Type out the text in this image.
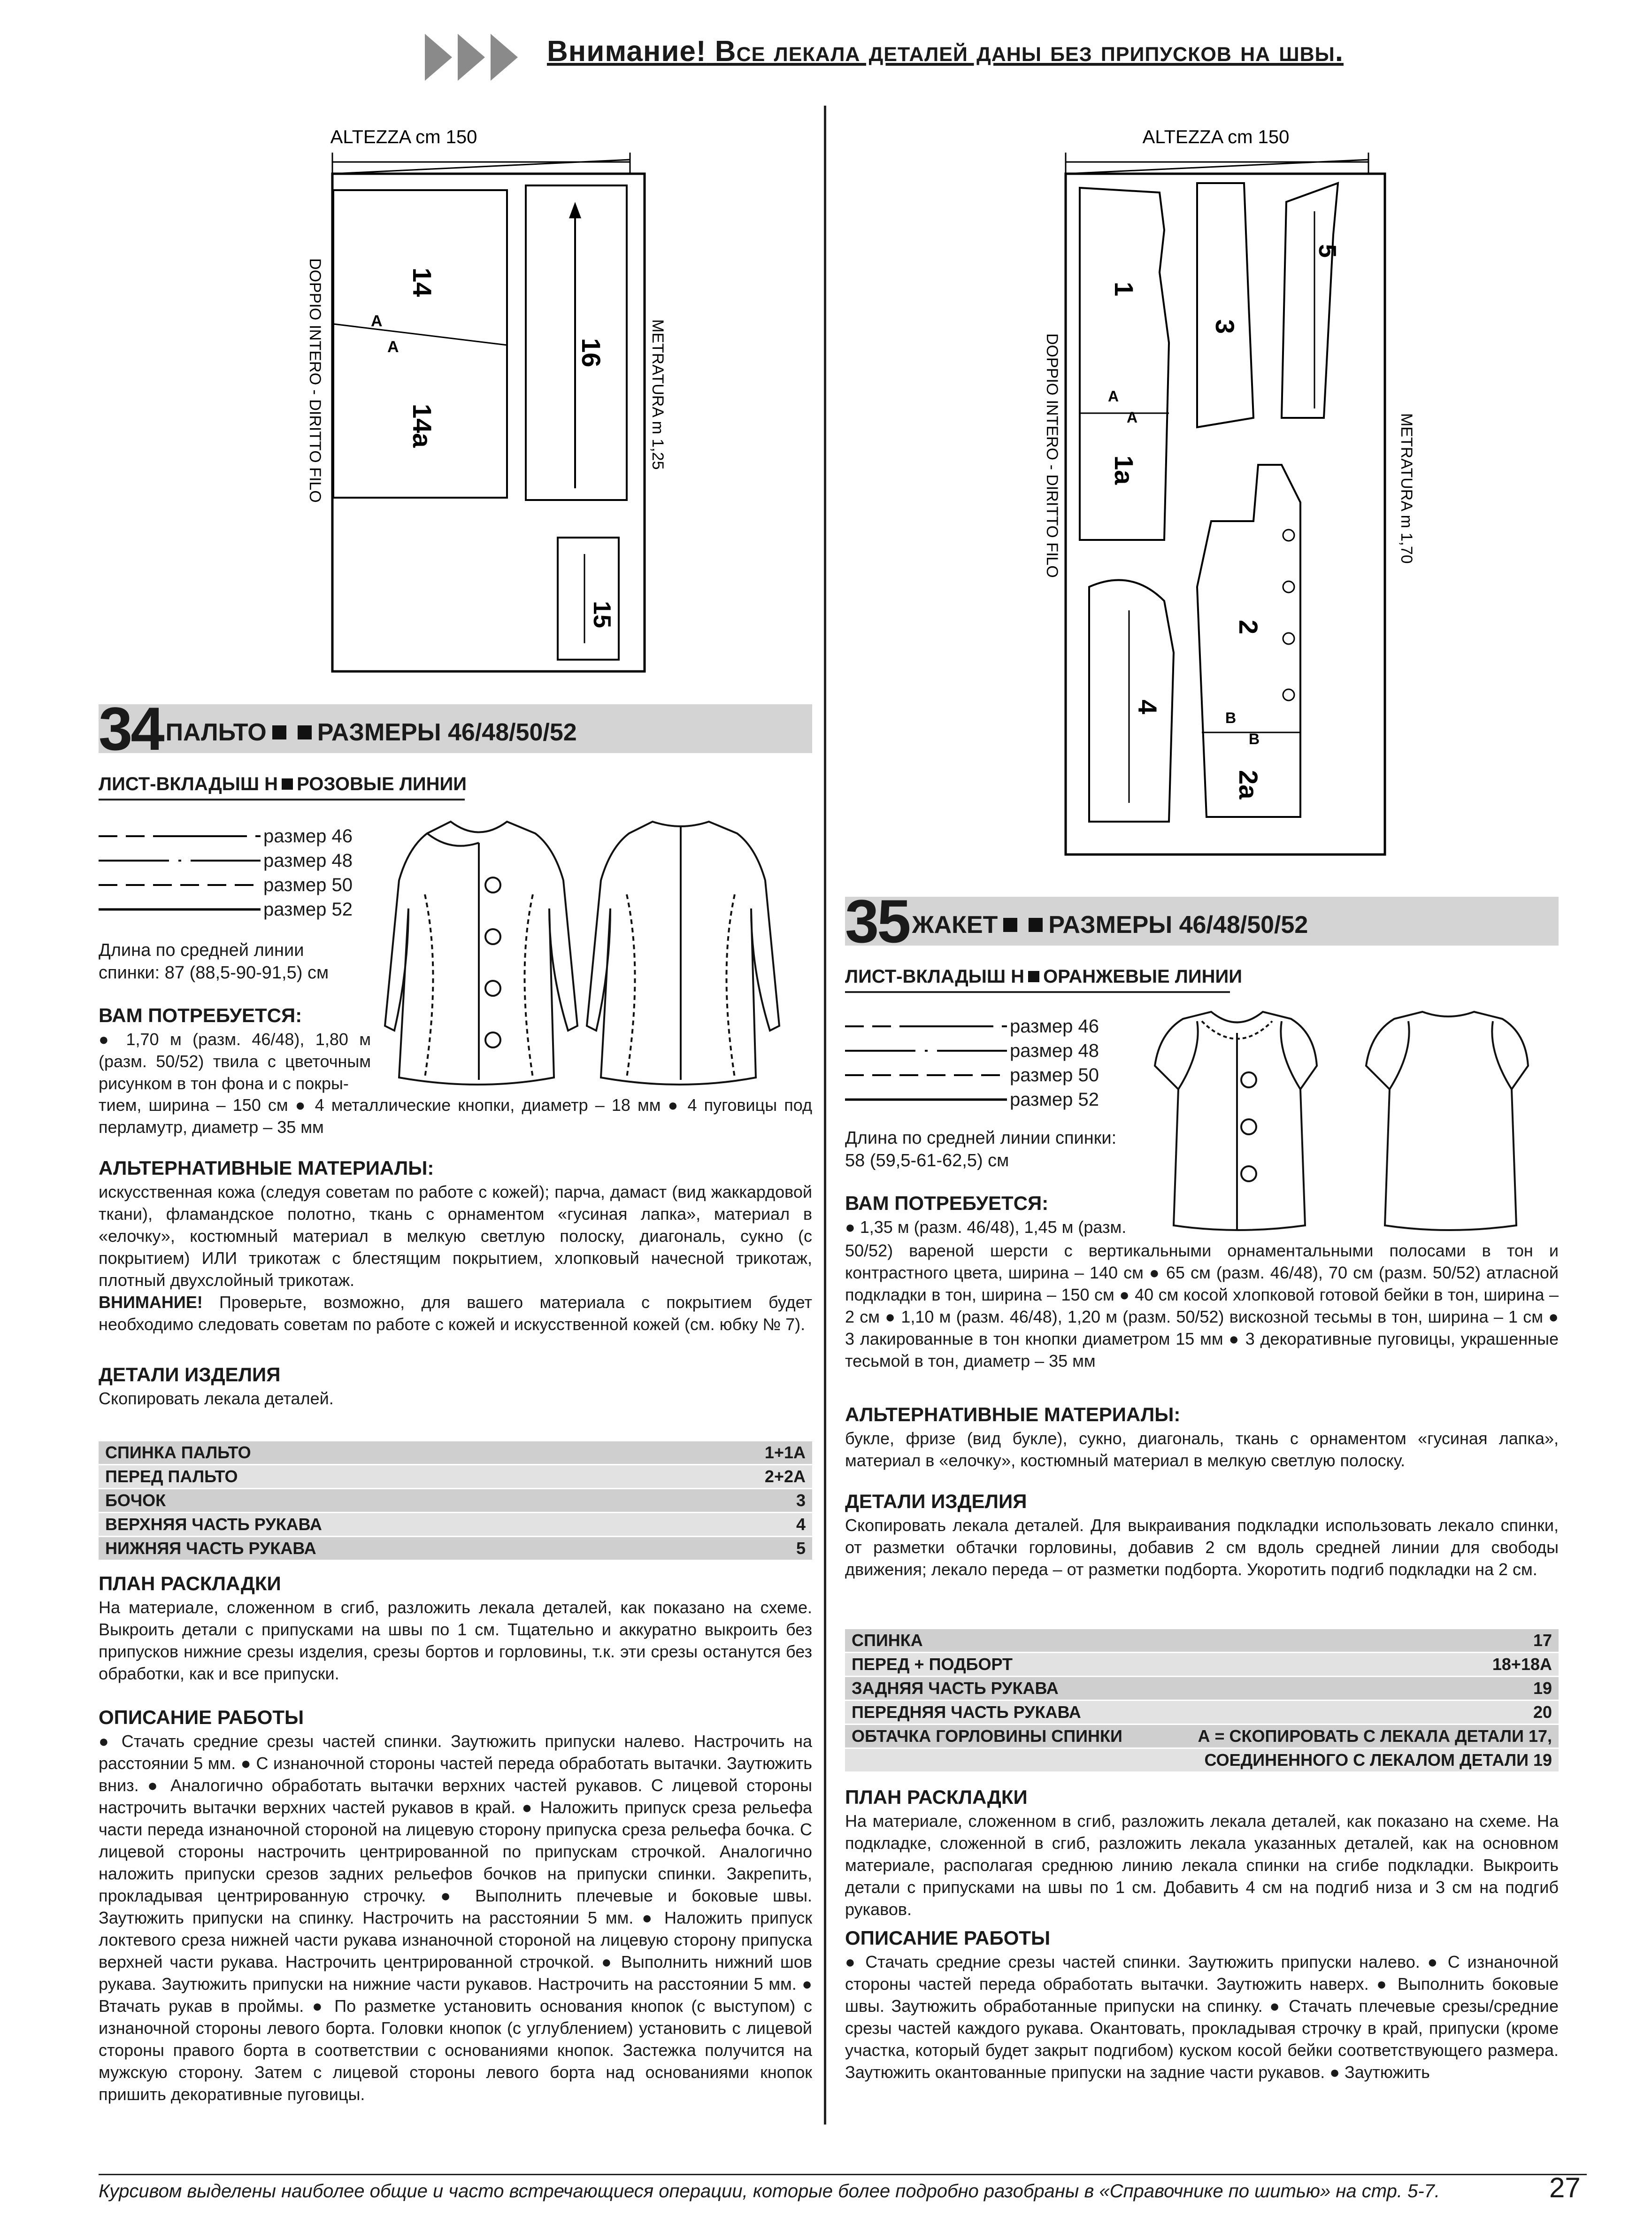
Внимание! Все лекала деталей даны без припусков на швы.
ALTEZZA cm 150
14
14a
A
A	16
15
DOPPIO INTERO - DIRITTO FILO	METRATURA m 1,25
ALTEZZA cm 150
1
1a
A
A
3
5
2
2a
B
B
4
DOPPIO INTERO - DIRITTO FILO	METRATURA m 1,70
34 ПАЛЬТО РАЗМЕРЫ 46/48/50/52
ЛИСТ-ВКЛАДЫШ Н РОЗОВЫЕ ЛИНИИ
размер 46
размер 48
размер 50
размер 52
Длина по средней линии
спинки: 87 (88,5-90-91,5) см
ВАМ ПОТРЕБУЕТСЯ:
● 1,70 м (разм. 46/48), 1,80 м (разм. 50/52) твила с цветочным рисунком в тон фона и с покры-
тием, ширина – 150 см ● 4 металлические кнопки, диаметр – 18 мм ● 4 пуговицы под перламутр, диаметр – 35 мм
АЛЬТЕРНАТИВНЫЕ МАТЕРИАЛЫ:
искусственная кожа (следуя советам по работе с кожей); парча, дамаст (вид жаккардовой ткани), фламандское полотно, ткань с орнаментом «гусиная лапка», материал в «елочку», костюмный материал в мелкую светлую полоску, диагональ, сукно (с покрытием) ИЛИ трикотаж с блестящим покрытием, хлопковый начесной трикотаж, плотный двухслойный трикотаж.
ВНИМАНИЕ! Проверьте, возможно, для вашего материала с покрытием будет необходимо следовать советам по работе с кожей и искусственной кожей (см. юбку № 7).
ДЕТАЛИ ИЗДЕЛИЯ
Скопировать лекала деталей.
СПИНКА ПАЛЬТО	1+1А
ПЕРЕД ПАЛЬТО	2+2А
БОЧОК	3
ВЕРХНЯЯ ЧАСТЬ РУКАВА	4
НИЖНЯЯ ЧАСТЬ РУКАВА	5
ПЛАН РАСКЛАДКИ
На материале, сложенном в сгиб, разложить лекала деталей, как показано на схеме. Выкроить детали с припусками на швы по 1 см. Тщательно и аккуратно выкроить без припусков нижние срезы изделия, срезы бортов и горловины, т.к. эти срезы останутся без обработки, как и все припуски.
ОПИСАНИЕ РАБОТЫ
● Стачать средние срезы частей спинки. Заутюжить припуски налево. Настрочить на расстоянии 5 мм. ● С изнаночной стороны частей переда обработать вытачки. Заутюжить вниз. ● Аналогично обработать вытачки верхних частей рукавов. С лицевой стороны настрочить вытачки верхних частей рукавов в край. ● Наложить припуск среза рельефа части переда изнаночной стороной на лицевую сторону припуска среза рельефа бочка. С лицевой стороны настрочить центрированной по припускам строчкой. Аналогично наложить припуски срезов задних рельефов бочков на припуски спинки. Закрепить, прокладывая центрированную строчку. ● Выполнить плечевые и боковые швы. Заутюжить припуски на спинку. Настрочить на расстоянии 5 мм. ● Наложить припуск локтевого среза нижней части рукава изнаночной стороной на лицевую сторону припуска верхней части рукава. Настрочить центрированной строчкой. ● Выполнить нижний шов рукава. Заутюжить припуски на нижние части рукавов. Настрочить на расстоянии 5 мм. ● Втачать рукав в проймы. ● По разметке установить основания кнопок (с выступом) с изнаночной стороны левого борта. Головки кнопок (с углублением) установить с лицевой стороны правого борта в соответствии с основаниями кнопок. Застежка получится на мужскую сторону. Затем с лицевой стороны левого борта над основаниями кнопок пришить декоративные пуговицы.
35 ЖАКЕТ РАЗМЕРЫ 46/48/50/52
ЛИСТ-ВКЛАДЫШ Н ОРАНЖЕВЫЕ ЛИНИИ
размер 46
размер 48
размер 50
размер 52
Длина по средней линии спинки:
58 (59,5-61-62,5) см
ВАМ ПОТРЕБУЕТСЯ:
● 1,35 м (разм. 46/48), 1,45 м (разм.
50/52) вареной шерсти с вертикальными орнаментальными полосами в тон и контрастного цвета, ширина – 140 см ● 65 см (разм. 46/48), 70 см (разм. 50/52) атласной подкладки в тон, ширина – 150 см ● 40 см косой хлопковой готовой бейки в тон, ширина – 2 см ● 1,10 м (разм. 46/48), 1,20 м (разм. 50/52) вискозной тесьмы в тон, ширина – 1 см ● 3 лакированные в тон кнопки диаметром 15 мм ● 3 декоративные пуговицы, украшенные тесьмой в тон, диаметр – 35 мм
АЛЬТЕРНАТИВНЫЕ МАТЕРИАЛЫ:
букле, фризе (вид букле), сукно, диагональ, ткань с орнаментом «гусиная лапка», материал в «елочку», костюмный материал в мелкую светлую полоску.
ДЕТАЛИ ИЗДЕЛИЯ
Скопировать лекала деталей. Для выкраивания подкладки использовать лекало спинки, от разметки обтачки горловины, добавив 2 см вдоль средней линии для свободы движения; лекало переда – от разметки подборта. Укоротить подгиб подкладки на 2 см.
СПИНКА	17
ПЕРЕД + ПОДБОРТ	18+18А
ЗАДНЯЯ ЧАСТЬ РУКАВА	19
ПЕРЕДНЯЯ ЧАСТЬ РУКАВА	20
ОБТАЧКА ГОРЛОВИНЫ СПИНКИ	А = СКОПИРОВАТЬ С ЛЕКАЛА ДЕТАЛИ 17,
	СОЕДИНЕННОГО С ЛЕКАЛОМ ДЕТАЛИ 19
ПЛАН РАСКЛАДКИ
На материале, сложенном в сгиб, разложить лекала деталей, как показано на схеме. На подкладке, сложенной в сгиб, разложить лекала указанных деталей, как на основном материале, располагая среднюю линию лекала спинки на сгибе подкладки. Выкроить детали с припусками на швы по 1 см. Добавить 4 см на подгиб низа и 3 см на подгиб рукавов.
ОПИСАНИЕ РАБОТЫ
● Стачать средние срезы частей спинки. Заутюжить припуски налево. ● С изнаночной стороны частей переда обработать вытачки. Заутюжить наверх. ● Выполнить боковые швы. Заутюжить обработанные припуски на спинку. ● Стачать плечевые срезы/средние срезы частей каждого рукава. Окантовать, прокладывая строчку в край, припуски (кроме участка, который будет закрыт подгибом) куском косой бейки соответствующего размера. Заутюжить окантованные припуски на задние части рукавов. ● Заутюжить
Курсивом выделены наиболее общие и часто встречающиеся операции, которые более подробно разобраны в «Справочнике по шитью» на стр. 5-7.	27
